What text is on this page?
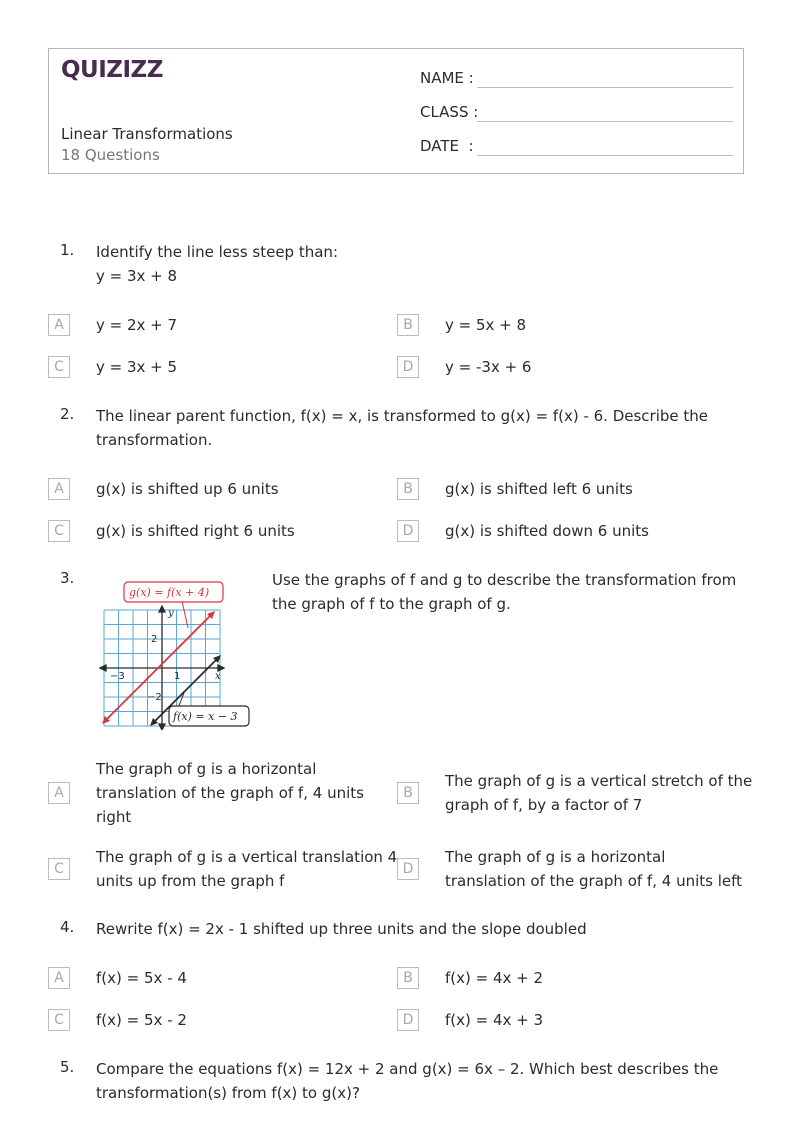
QUIZIZZ
Linear Transformations
18 Questions
NAME :
CLASS :
DATE  :
1. Identify the line less steep than:
y = 3x + 8
A	y = 2x + 7	B	y = 5x + 8
C	y = 3x + 5	D	y = -3x + 6
2. The linear parent function, f(x) = x, is transformed to g(x) = f(x) - 6. Describe the
transformation.
A	g(x) is shifted up 6 units	B	g(x) is shifted left 6 units
C	g(x) is shifted right 6 units	D	g(x) is shifted down 6 units
3.
y
x
2
−3	1
−2
g(x) = f(x + 4)
f(x) = x − 3
Use the graphs of f and g to describe the transformation from
the graph of f to the graph of g.
A
The graph of g is a horizontal
translation of the graph of f, 4 units
right
B
The graph of g is a vertical stretch of the
graph of f, by a factor of 7
C
The graph of g is a vertical translation 4
units up from the graph f
D
The graph of g is a horizontal
translation of the graph of f, 4 units left
4. Rewrite f(x) = 2x - 1 shifted up three units and the slope doubled
A	f(x) = 5x - 4	B	f(x) = 4x + 2
C	f(x) = 5x - 2	D	f(x) = 4x + 3
5. Compare the equations f(x) = 12x + 2 and g(x) = 6x – 2. Which best describes the
transformation(s) from f(x) to g(x)?
